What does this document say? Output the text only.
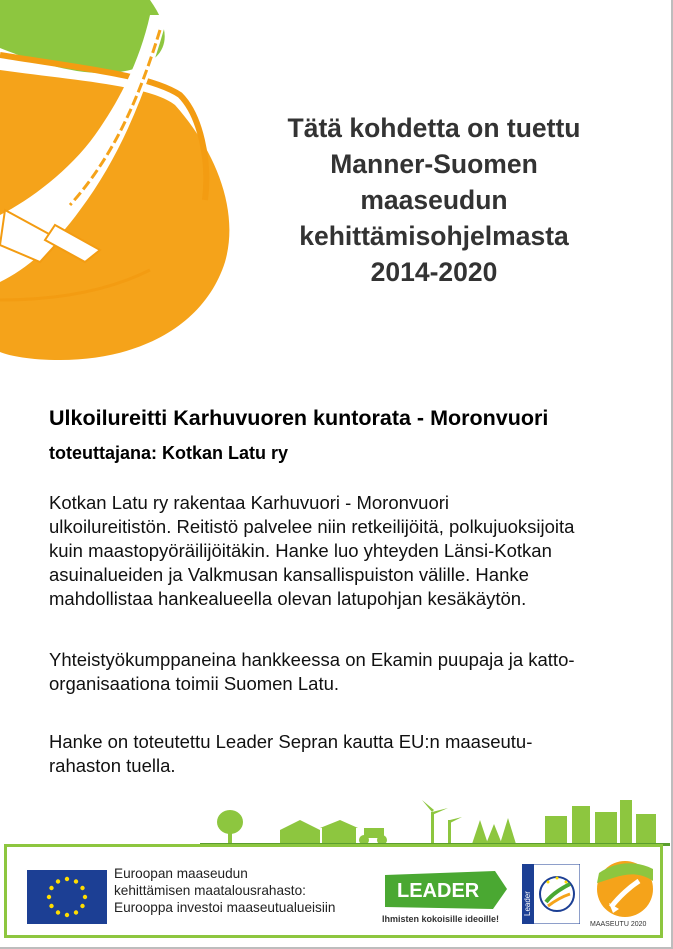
Tätä kohdetta on tuettu
Manner-Suomen
maaseudun
kehittämisohjelmasta
2014-2020
Ulkoilureitti Karhuvuoren kuntorata - Moronvuori
toteuttajana: Kotkan Latu ry
Kotkan Latu ry rakentaa Karhuvuori - Moronvuori
ulkoilureitistön. Reitistö palvelee niin retkeilijöitä, polkujuoksijoita
kuin maastopyöräilijöitäkin. Hanke luo yhteyden Länsi-Kotkan
asuinalueiden ja Valkmusan kansallispuiston välille. Hanke
mahdollistaa hankealueella olevan latupohjan kesäkäytön.
Yhteistyökumppaneina hankkeessa on Ekamin puupaja ja katto-
organisaationa toimii Suomen Latu.
Hanke on toteutettu Leader Sepran kautta EU:n maaseutu-
rahaston tuella.
Euroopan maaseudun
kehittämisen maatalousrahasto:
Eurooppa investoi maaseutualueisiin
LEADER
Ihmisten kokoisille ideoille!
Leader
MAASEUTU 2020
